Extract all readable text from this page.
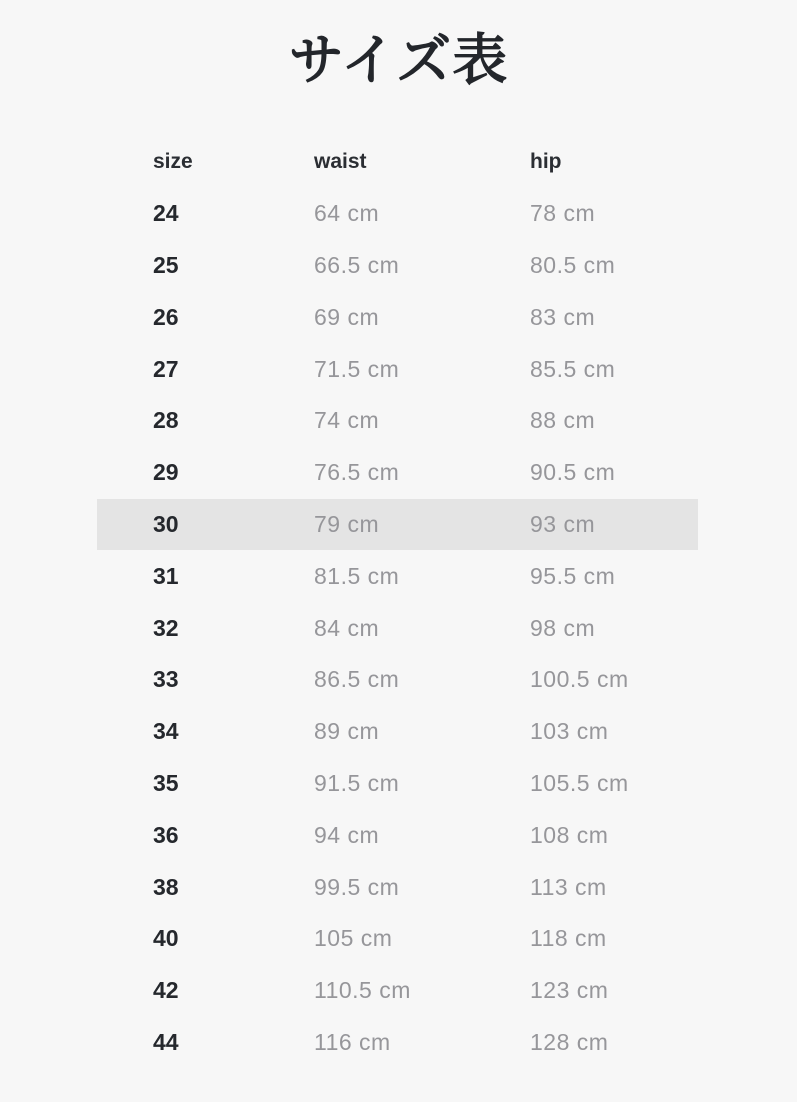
サイズ表
size	waist	hip
24	64 cm	78 cm
25	66.5 cm	80.5 cm
26	69 cm	83 cm
27	71.5 cm	85.5 cm
28	74 cm	88 cm
29	76.5 cm	90.5 cm
30	79 cm	93 cm
31	81.5 cm	95.5 cm
32	84 cm	98 cm
33	86.5 cm	100.5 cm
34	89 cm	103 cm
35	91.5 cm	105.5 cm
36	94 cm	108 cm
38	99.5 cm	113 cm
40	105 cm	118 cm
42	110.5 cm	123 cm
44	116 cm	128 cm
